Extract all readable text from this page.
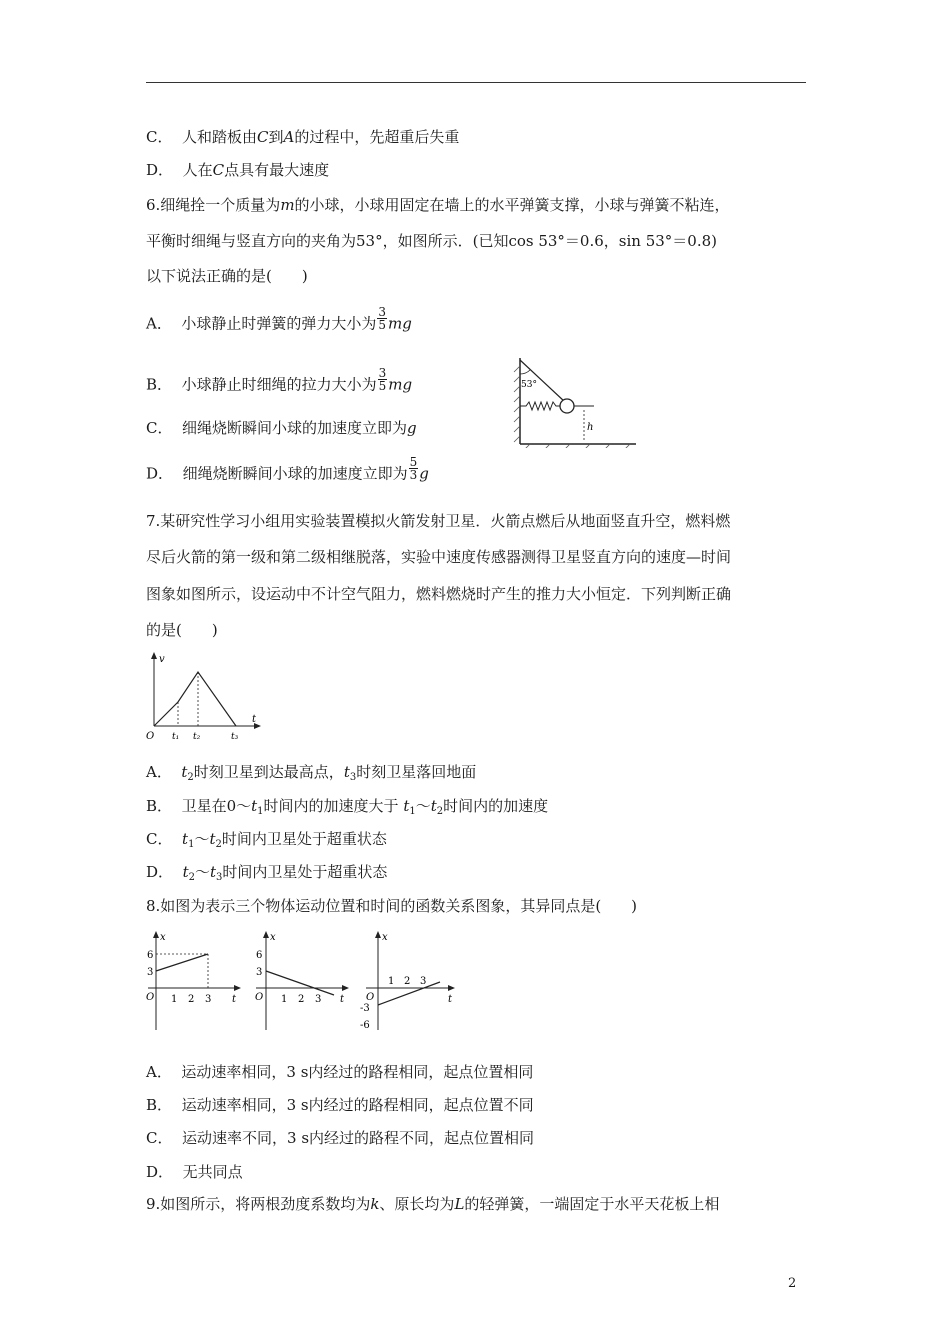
C． 人和踏板由C到A的过程中，先超重后失重
D． 人在C点具有最大速度
6.细绳拴一个质量为m的小球，小球用固定在墙上的水平弹簧支撑，小球与弹簧不粘连，
平衡时细绳与竖直方向的夹角为53°，如图所示．(已知cos 53°＝0.6，sin 53°＝0.8)
以下说法正确的是(　　)
A． 小球静止时弹簧的弹力大小为 $\frac{3}{5}$ mg
B． 小球静止时细绳的拉力大小为 $\frac{3}{5}$ mg
C． 细绳烧断瞬间小球的加速度立即为g
D． 细绳烧断瞬间小球的加速度立即为 $\frac{5}{3}$ g
53°
h
7.某研究性学习小组用实验装置模拟火箭发射卫星．火箭点燃后从地面竖直升空，燃料燃
尽后火箭的第一级和第二级相继脱落，实验中速度传感器测得卫星竖直方向的速度—时间
图象如图所示，设运动中不计空气阻力，燃料燃烧时产生的推力大小恒定．下列判断正确
的是(　　)
v
t
O t₁ t₂	t₃
A． $t_2$时刻卫星到达最高点，$t_3$时刻卫星落回地面
B． 卫星在$0\sim t_1$时间内的加速度大于 $t_1\sim t_2$时间内的加速度
C． $t_1\sim t_2$时间内卫星处于超重状态
D． $t_2\sim t_3$时间内卫星处于超重状态
8.如图为表示三个物体运动位置和时间的函数关系图象，其异同点是(　　)
x
t
O
6
3
1 2 3
x
t
O
6
3
1 2 3
x
t
O
-3
-6
1 2 3
A． 运动速率相同，3 s内经过的路程相同，起点位置相同
B． 运动速率相同，3 s内经过的路程相同，起点位置不同
C． 运动速率不同，3 s内经过的路程不同，起点位置相同
D． 无共同点
9.如图所示，将两根劲度系数均为k、原长均为L的轻弹簧，一端固定于水平天花板上相
2
